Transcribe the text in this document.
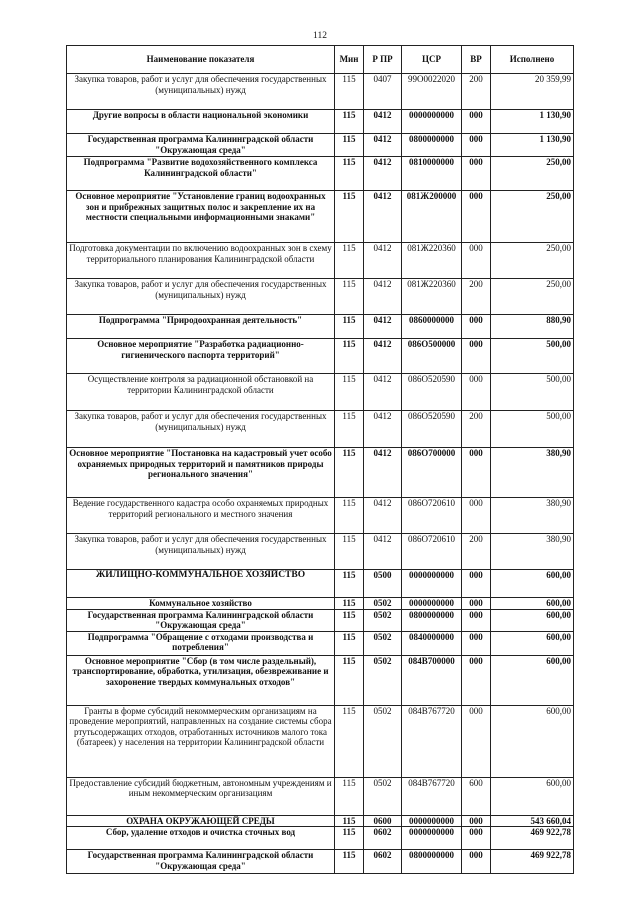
112
Наименование показателя	Мин	Р ПР	ЦСР	ВР	Исполнено
Закупка товаров, работ и услуг для обеспечения государственных (муниципальных) нужд	115	0407	99О0022020	200	20 359,99
Другие вопросы в области национальной экономики	115	0412	0000000000	000	1 130,90
Государственная программа Калининградской области "Окружающая среда"	115	0412	0800000000	000	1 130,90
Подпрограмма "Развитие водохозяйственного комплекса Калининградской области"	115	0412	0810000000	000	250,00
Основное мероприятие "Установление границ водоохранных зон и прибрежных защитных полос и закрепление их на местности специальными информационными знаками"	115	0412	081Ж200000	000	250,00
Подготовка документации по включению водоохранных зон в схему территориального планирования Калининградской области	115	0412	081Ж220360	000	250,00
Закупка товаров, работ и услуг для обеспечения государственных (муниципальных) нужд	115	0412	081Ж220360	200	250,00
Подпрограмма "Природоохранная деятельность"	115	0412	0860000000	000	880,90
Основное мероприятие "Разработка радиационно-гигиенического паспорта территорий"	115	0412	086О500000	000	500,00
Осуществление контроля за радиационной обстановкой на территории Калининградской области	115	0412	086О520590	000	500,00
Закупка товаров, работ и услуг для обеспечения государственных (муниципальных) нужд	115	0412	086О520590	200	500,00
Основное мероприятие "Постановка на кадастровый учет особо охраняемых природных территорий и памятников природы регионального значения"	115	0412	086О700000	000	380,90
Ведение государственного кадастра особо охраняемых природных территорий регионального и местного значения	115	0412	086О720610	000	380,90
Закупка товаров, работ и услуг для обеспечения государственных (муниципальных) нужд	115	0412	086О720610	200	380,90
ЖИЛИЩНО-КОММУНАЛЬНОЕ ХОЗЯЙСТВО	115	0500	0000000000	000	600,00
Коммунальное хозяйство	115	0502	0000000000	000	600,00
Государственная программа Калининградской области "Окружающая среда"	115	0502	0800000000	000	600,00
Подпрограмма "Обращение с отходами производства и потребления"	115	0502	0840000000	000	600,00
Основное мероприятие "Сбор (в том числе раздельный), транспортирование, обработка, утилизация, обезвреживание и захоронение твердых коммунальных отходов"	115	0502	084В700000	000	600,00
Гранты в форме субсидий некоммерческим организациям на проведение мероприятий, направленных на создание системы сбора ртутьсодержащих отходов, отработанных источников малого тока (батареек) у населения на территории Калининградской области	115	0502	084В767720	000	600,00
Предоставление субсидий бюджетным, автономным учреждениям и иным некоммерческим организациям	115	0502	084В767720	600	600,00
ОХРАНА ОКРУЖАЮЩЕЙ СРЕДЫ	115	0600	0000000000	000	543 660,04
Сбор, удаление отходов и очистка сточных вод	115	0602	0000000000	000	469 922,78
Государственная программа Калининградской области "Окружающая среда"	115	0602	0800000000	000	469 922,78
